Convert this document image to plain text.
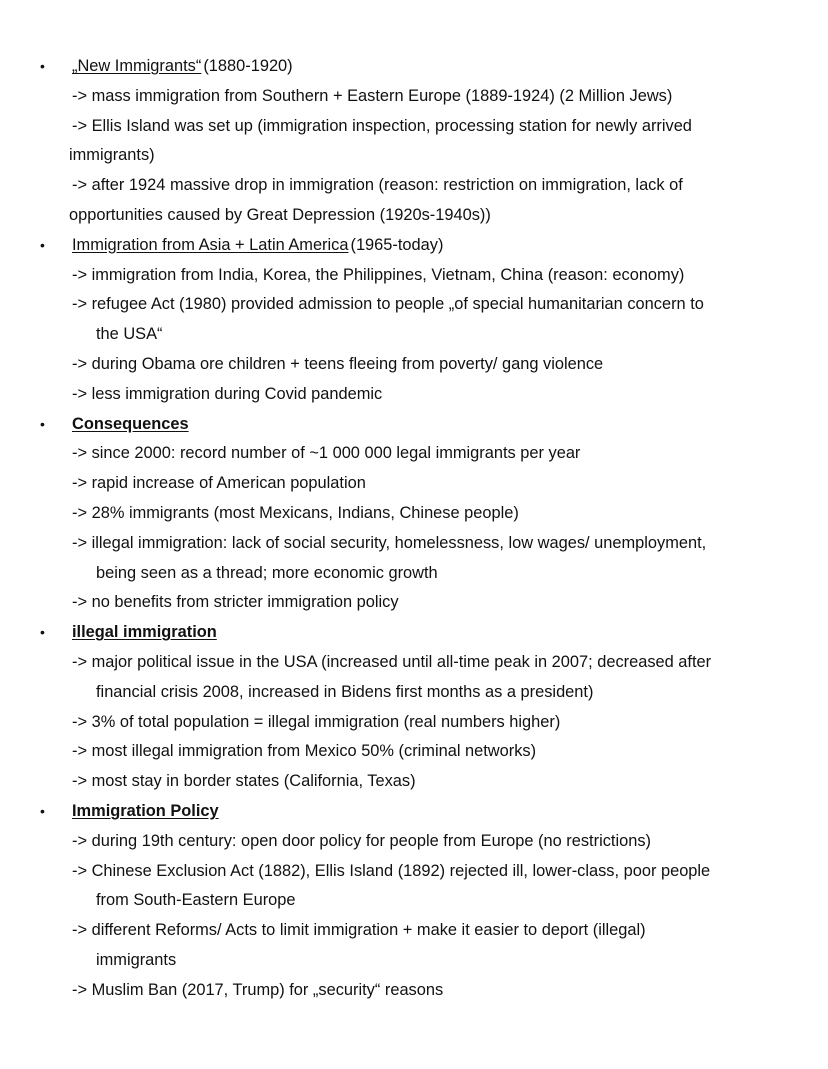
• „New Immigrants“ (1880-1920)
-> mass immigration from Southern + Eastern Europe (1889-1924) (2 Million Jews)
-> Ellis Island was set up (immigration inspection, processing station for newly arrived
immigrants)
-> after 1924 massive drop in immigration (reason: restriction on immigration, lack of
opportunities caused by Great Depression (1920s-1940s))
• Immigration from Asia + Latin America (1965-today)
-> immigration from India, Korea, the Philippines, Vietnam, China (reason: economy)
-> refugee Act (1980) provided admission to people „of special humanitarian concern to
the USA“
-> during Obama ore children + teens fleeing from poverty/ gang violence
-> less immigration during Covid pandemic
• Consequences
-> since 2000: record number of ~1 000 000 legal immigrants per year
-> rapid increase of American population
-> 28% immigrants (most Mexicans, Indians, Chinese people)
-> illegal immigration: lack of social security, homelessness, low wages/ unemployment,
being seen as a thread; more economic growth
-> no benefits from stricter immigration policy
• illegal immigration
-> major political issue in the USA (increased until all-time peak in 2007; decreased after
financial crisis 2008, increased in Bidens first months as a president)
-> 3% of total population = illegal immigration (real numbers higher)
-> most illegal immigration from Mexico 50% (criminal networks)
-> most stay in border states (California, Texas)
• Immigration Policy
-> during 19th century: open door policy for people from Europe (no restrictions)
-> Chinese Exclusion Act (1882), Ellis Island (1892) rejected ill, lower-class, poor people
from South-Eastern Europe
-> different Reforms/ Acts to limit immigration + make it easier to deport (illegal)
immigrants
-> Muslim Ban (2017, Trump) for „security“ reasons
